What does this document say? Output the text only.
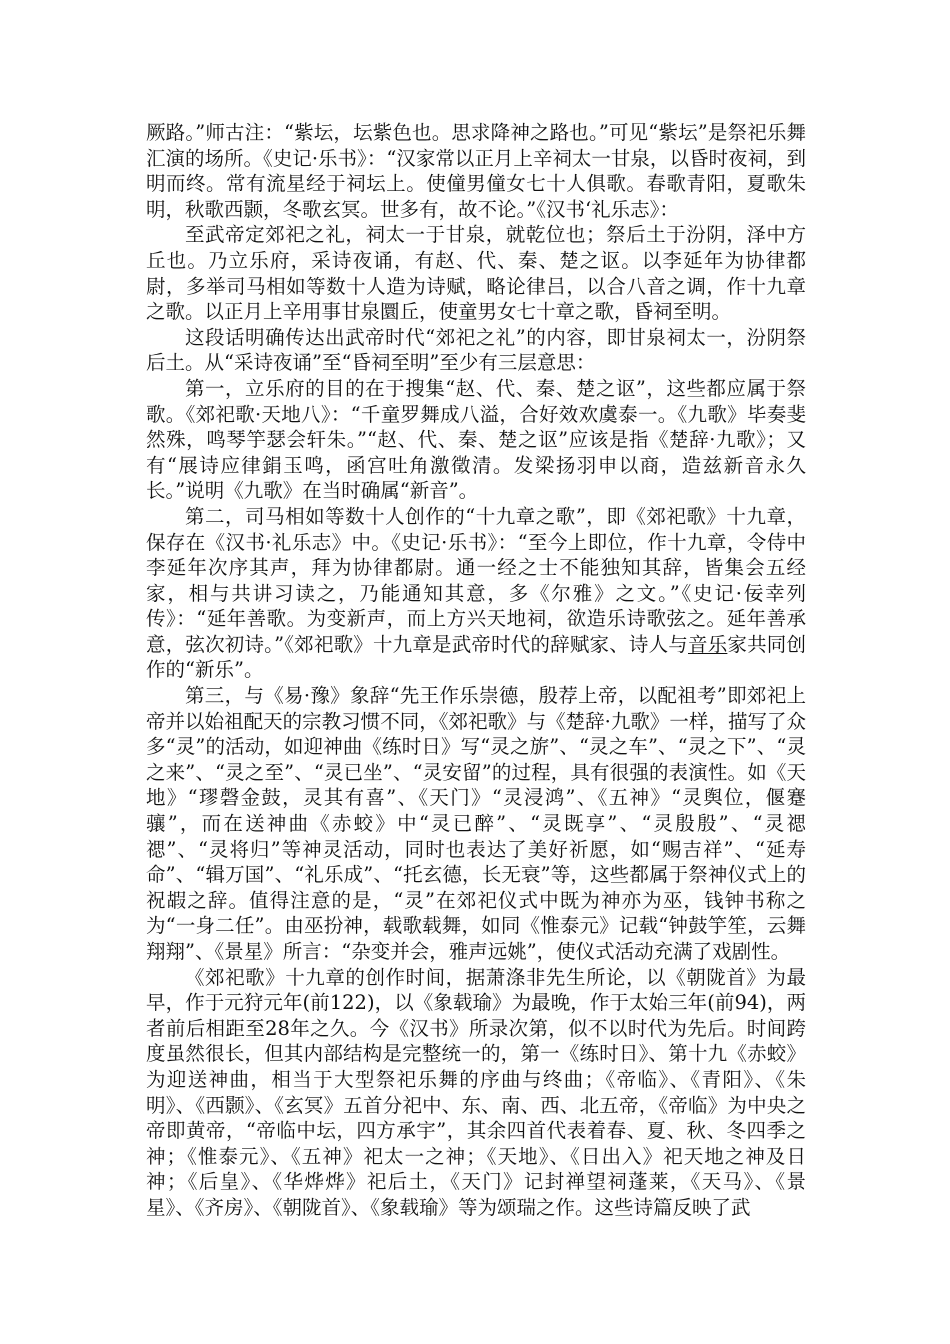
厥路。”师古注：“紫坛，坛紫色也。思求降神之路也。”可见“紫坛”是祭祀乐舞汇演的场所。《史记·乐书》：“汉家常以正月上辛祠太一甘泉，以昏时夜祠，到明而终。常有流星经于祠坛上。使僮男僮女七十人俱歌。春歌青阳，夏歌朱明，秋歌西颢，冬歌玄冥。世多有，故不论。”《汉书‘礼乐志》：

至武帝定郊祀之礼，祠太一于甘泉，就乾位也；祭后土于汾阴，泽中方丘也。乃立乐府，采诗夜诵，有赵、代、秦、楚之讴。以李延年为协律都尉，多举司马相如等数十人造为诗赋，略论律吕，以合八音之调，作十九章之歌。以正月上辛用事甘泉圜丘，使童男女七十章之歌，昏祠至明。

这段话明确传达出武帝时代“郊祀之礼”的内容，即甘泉祠太一，汾阴祭后土。从“采诗夜诵”至“昏祠至明”至少有三层意思：

第一，立乐府的目的在于搜集“赵、代、秦、楚之讴”，这些都应属于祭歌。《郊祀歌·天地八》：“千童罗舞成八溢，合好效欢虞泰一。《九歌》毕奏斐然殊，鸣琴竽瑟会轩朱。”“赵、代、秦、楚之讴”应该是指《楚辞·九歌》；又有“展诗应律鋗玉鸣，函宫吐角激徵清。发梁扬羽申以商，造兹新音永久长。”说明《九歌》在当时确属“新音”。

第二，司马相如等数十人创作的“十九章之歌”，即《郊祀歌》十九章，保存在《汉书·礼乐志》中。《史记·乐书》：“至今上即位，作十九章，令侍中李延年次序其声，拜为协律都尉。通一经之士不能独知其辞，皆集会五经家，相与共讲习读之，乃能通知其意，多《尔雅》之文。”《史记·佞幸列传》：“延年善歌。为变新声，而上方兴天地祠，欲造乐诗歌弦之。延年善承意，弦次初诗。”《郊祀歌》十九章是武帝时代的辞赋家、诗人与音乐家共同创作的“新乐”。

第三，与《易·豫》象辞“先王作乐崇德，殷荐上帝，以配祖考”即郊祀上帝并以始祖配天的宗教习惯不同，《郊祀歌》与《楚辞·九歌》一样，描写了众多“灵”的活动，如迎神曲《练时日》写“灵之旂”、“灵之车”、“灵之下”、“灵之来”、“灵之至”、“灵已坐”、“灵安留”的过程，具有很强的表演性。如《天地》“璆磬金鼓，灵其有喜”、《天门》“灵浸鸿”、《五神》“灵舆位，偃蹇骧”，而在送神曲《赤蛟》中“灵已醉”、“灵既享”、“灵殷殷”、“灵禗禗”、“灵将归”等神灵活动，同时也表达了美好祈愿，如“赐吉祥”、“延寿命”、“辑万国”、“礼乐成”、“托玄德，长无衰”等，这些都属于祭神仪式上的祝嘏之辞。值得注意的是，“灵”在郊祀仪式中既为神亦为巫，钱钟书称之为“一身二任”。由巫扮神，载歌载舞，如同《惟泰元》记载“钟鼓竽笙，云舞翔翔”、《景星》所言：“杂变并会，雅声远姚”，使仪式活动充满了戏剧性。

《郊祀歌》十九章的创作时间，据萧涤非先生所论，以《朝陇首》为最早，作于元狩元年(前122)，以《象载瑜》为最晚，作于太始三年(前94)，两者前后相距至28年之久。今《汉书》所录次第，似不以时代为先后。时间跨度虽然很长，但其内部结构是完整统一的，第一《练时日》、第十九《赤蛟》为迎送神曲，相当于大型祭祀乐舞的序曲与终曲；《帝临》、《青阳》、《朱明》、《西颢》、《玄冥》五首分祀中、东、南、西、北五帝，《帝临》为中央之帝即黄帝，“帝临中坛，四方承宇”，其余四首代表着春、夏、秋、冬四季之神；《惟泰元》、《五神》祀太一之神；《天地》、《日出入》祀天地之神及日神；《后皇》、《华烨烨》祀后土，《天门》记封禅望祠蓬莱，《天马》、《景星》、《齐房》、《朝陇首》、《象载瑜》等为颂瑞之作。这些诗篇反映了武
